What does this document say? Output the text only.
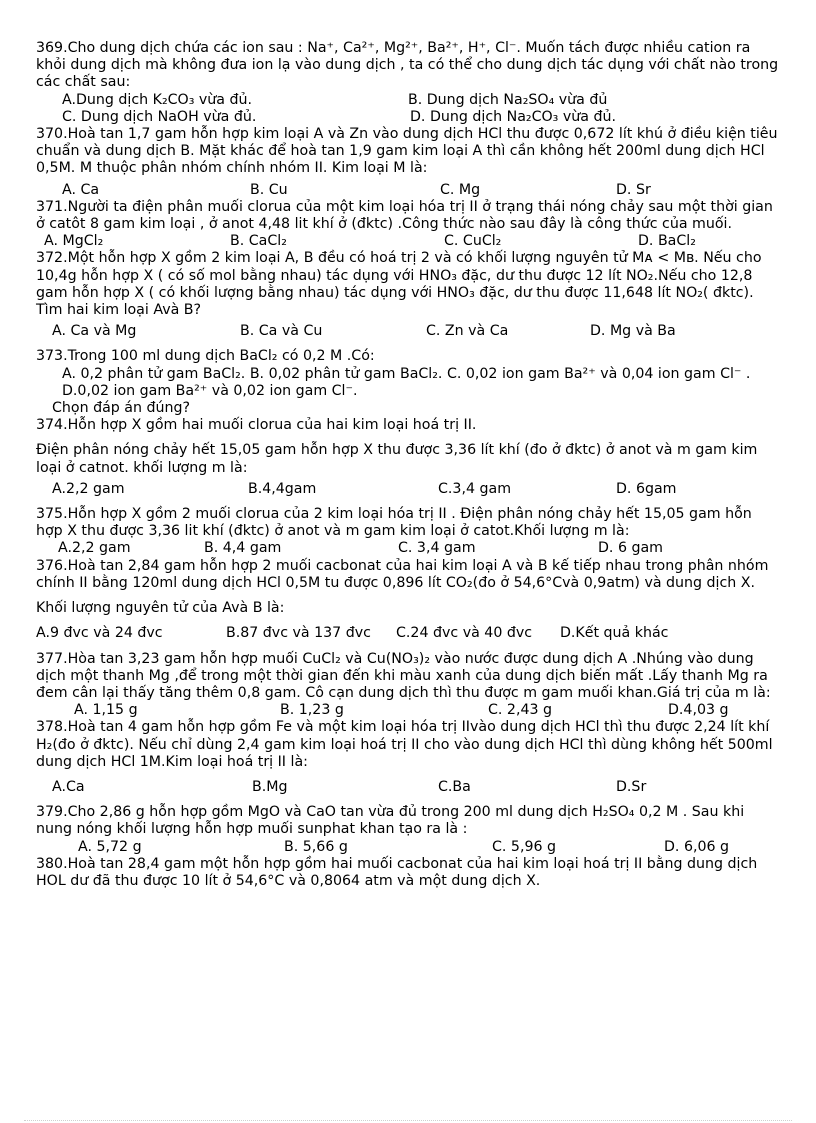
369.Cho dung dịch chứa các ion sau : Na⁺, Ca²⁺, Mg²⁺, Ba²⁺, H⁺, Cl⁻. Muốn tách được nhiều cation ra khỏi dung dịch mà không đưa ion lạ vào dung dịch , ta có thể cho dung dịch tác dụng với chất nào trong các chất sau:

A.Dung dịch K₂CO₃ vừa đủ.	B. Dung dịch Na₂SO₄ vừa đủ
C. Dung dịch NaOH vừa đủ.	D. Dung dịch Na₂CO₃ vừa đủ.

370.Hoà tan 1,7 gam hỗn hợp kim loại A và Zn vào dung dịch HCl thu được 0,672 lít khú ở điều kiện tiêu chuẩn và dung dịch B. Mặt khác để hoà tan 1,9 gam kim loại A thì cần không hết 200ml dung dịch HCl 0,5M. M thuộc phân nhóm chính nhóm II. Kim loại M là:

A. Ca	B. Cu	C. Mg	D. Sr

371.Người ta điện phân muối clorua của một kim loại hóa trị II ở trạng thái nóng chảy sau một thời gian ở catôt 8 gam kim loại , ở anot 4,48 lit khí ở (đktc) .Công thức nào sau đây là công thức của muối.

A. MgCl₂	B. CaCl₂	C. CuCl₂	D. BaCl₂

372.Một hỗn hợp X gồm 2 kim loại A, B đều có hoá trị 2 và có khối lượng nguyên tử Mᴀ < Mʙ. Nếu cho 10,4g hỗn hợp X ( có số mol bằng nhau) tác dụng với HNO₃ đặc, dư thu được 12 lít NO₂.Nếu cho 12,8 gam hỗn hợp X ( có khối lượng bằng nhau) tác dụng với HNO₃ đặc, dư thu được 11,648 lít NO₂( đktc). Tìm hai kim loại Avà B?

A. Ca và Mg	B. Ca và Cu	C. Zn và Ca	D. Mg và Ba

373.Trong 100 ml dung dịch BaCl₂ có 0,2 M .Có:

A. 0,2 phân tử gam BaCl₂. B. 0,02 phân tử gam BaCl₂. C. 0,02 ion gam Ba²⁺ và 0,04 ion gam Cl⁻ .

D.0,02 ion gam Ba²⁺ và 0,02 ion gam Cl⁻.

Chọn đáp án đúng?

374.Hỗn hợp X gồm hai muối clorua của hai kim loại hoá trị II.

Điện phân nóng chảy hết 15,05 gam hỗn hợp X thu được 3,36 lít khí (đo ở đktc) ở anot và m gam kim loại ở catnot. khối lượng m là:

A.2,2 gam	B.4,4gam	C.3,4 gam	D. 6gam

375.Hỗn hợp X gồm 2 muối clorua của 2 kim loại hóa trị II . Điện phân nóng chảy hết 15,05 gam hỗn hợp X thu được 3,36 lit khí (đktc) ở anot và m gam kim loại ở catot.Khối lượng m là:

A.2,2 gam	B. 4,4 gam	C. 3,4 gam	D. 6 gam

376.Hoà tan 2,84 gam hỗn hợp 2 muối cacbonat của hai kim loại A và B kế tiếp nhau trong phân nhóm chính II bằng 120ml dung dịch HCl 0,5M tu được 0,896 lít CO₂(đo ở 54,6°Cvà 0,9atm) và dung dịch X.

Khối lượng nguyên tử của Avà B là:

A.9 đvc và 24 đvc	B.87 đvc và 137 đvc	C.24 đvc và 40 đvc	D.Kết quả khác

377.Hòa tan 3,23 gam hỗn hợp muối CuCl₂ và Cu(NO₃)₂ vào nước được dung dịch A .Nhúng vào dung dịch một thanh Mg ,để trong một thời gian đến khi màu xanh của dung dịch biến mất .Lấy thanh Mg ra đem cân lại thấy tăng thêm 0,8 gam. Cô cạn dung dịch thì thu được m gam muối khan.Giá trị của m là:

A. 1,15 g	B. 1,23 g	C. 2,43 g	D.4,03 g

378.Hoà tan 4 gam hỗn hợp gồm Fe và một kim loại hóa trị IIvào dung dịch HCl thì thu được 2,24 lít khí H₂(đo ở đktc). Nếu chỉ dùng 2,4 gam kim loại hoá trị II cho vào dung dịch HCl thì dùng không hết 500ml dung dịch HCl 1M.Kim loại hoá trị II là:

A.Ca	B.Mg	C.Ba	D.Sr

379.Cho 2,86 g hỗn hợp gồm MgO và CaO tan vừa đủ trong 200 ml dung dịch H₂SO₄ 0,2 M . Sau khi nung nóng khối lượng hỗn hợp muối sunphat khan tạo ra là :

A. 5,72 g	B. 5,66 g	C. 5,96 g	D. 6,06 g

380.Hoà tan 28,4 gam một hỗn hợp gồm hai muối cacbonat của hai kim loại hoá trị II bằng dung dịch HOL dư đã thu được 10 lít ở 54,6°C và 0,8064 atm và một dung dịch X.
